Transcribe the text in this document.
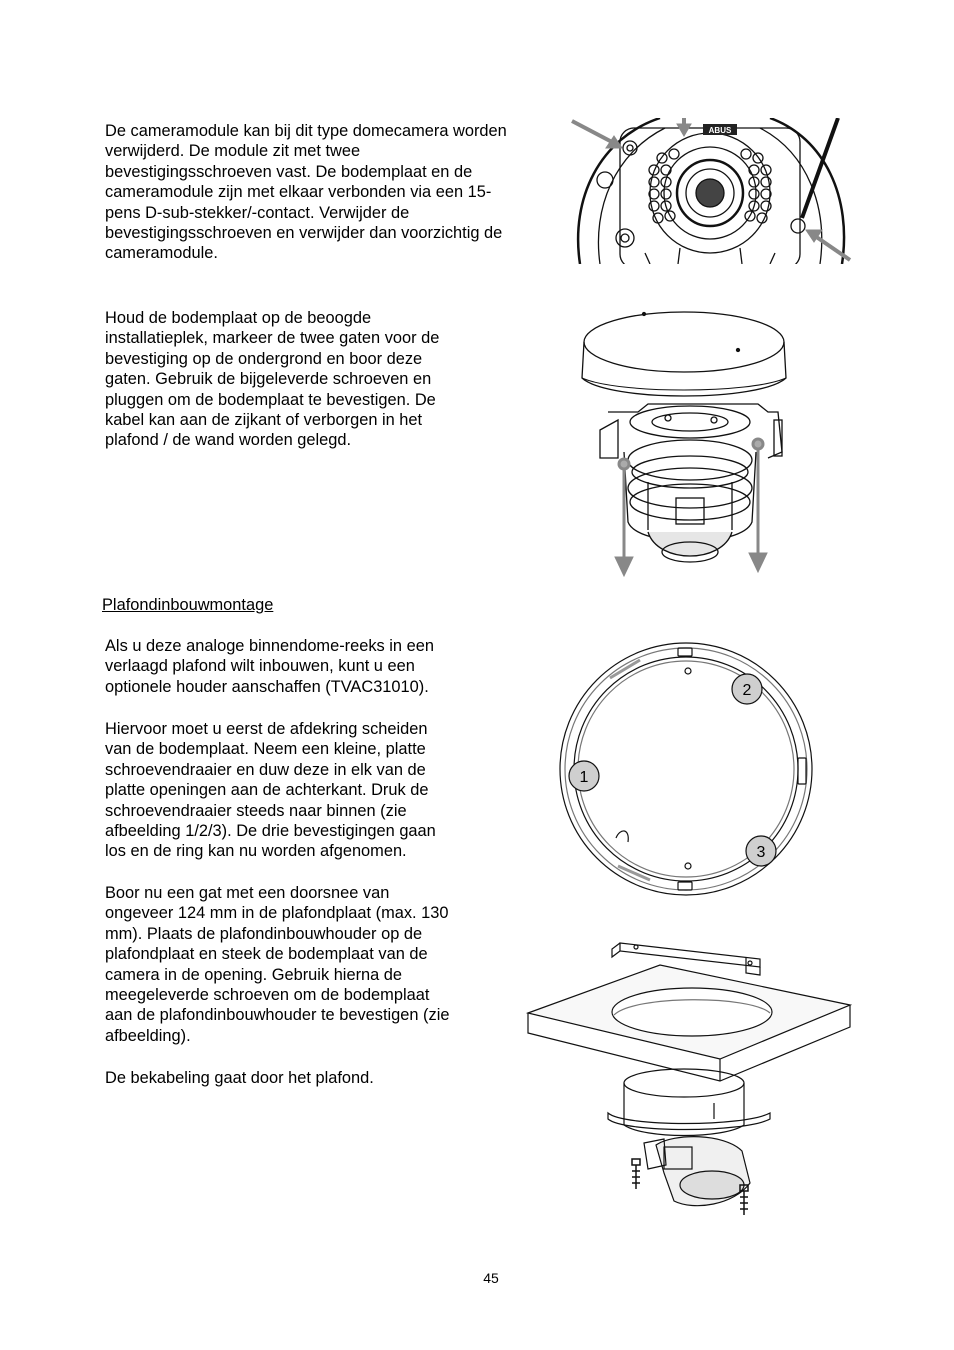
De cameramodule kan bij dit type domecamera worden
verwijderd. De module zit met twee
bevestigingsschroeven vast. De bodemplaat en de
cameramodule zijn met elkaar verbonden via een 15-
pens D-sub-stekker/-contact. Verwijder de
bevestigingsschroeven en verwijder dan voorzichtig de
cameramodule.
Houd de bodemplaat op de beoogde
installatieplek, markeer de twee gaten voor de
bevestiging op de ondergrond en boor deze
gaten. Gebruik de bijgeleverde schroeven en
pluggen om de bodemplaat te bevestigen. De
kabel kan aan de zijkant of verborgen in het
plafond / de wand worden gelegd.
Plafondinbouwmontage
Als u deze analoge binnendome-reeks in een
verlaagd plafond wilt inbouwen, kunt u een
optionele houder aanschaffen (TVAC31010).
Hiervoor moet u eerst de afdekring scheiden
van de bodemplaat. Neem een kleine, platte
schroevendraaier en duw deze in elk van de
platte openingen aan de achterkant. Druk de
schroevendraaier steeds naar binnen (zie
afbeelding 1/2/3). De drie bevestigingen gaan
los en de ring kan nu worden afgenomen.
Boor nu een gat met een doorsnee van
ongeveer 124 mm in de plafondplaat (max. 130
mm). Plaats de plafondinbouwhouder op de
plafondplaat en steek de bodemplaat van de
camera in de opening. Gebruik hierna de
meegeleverde schroeven om de bodemplaat
aan de plafondinbouwhouder te bevestigen (zie
afbeelding).
De bekabeling gaat door het plafond.
ABUS
1
2
3
45
